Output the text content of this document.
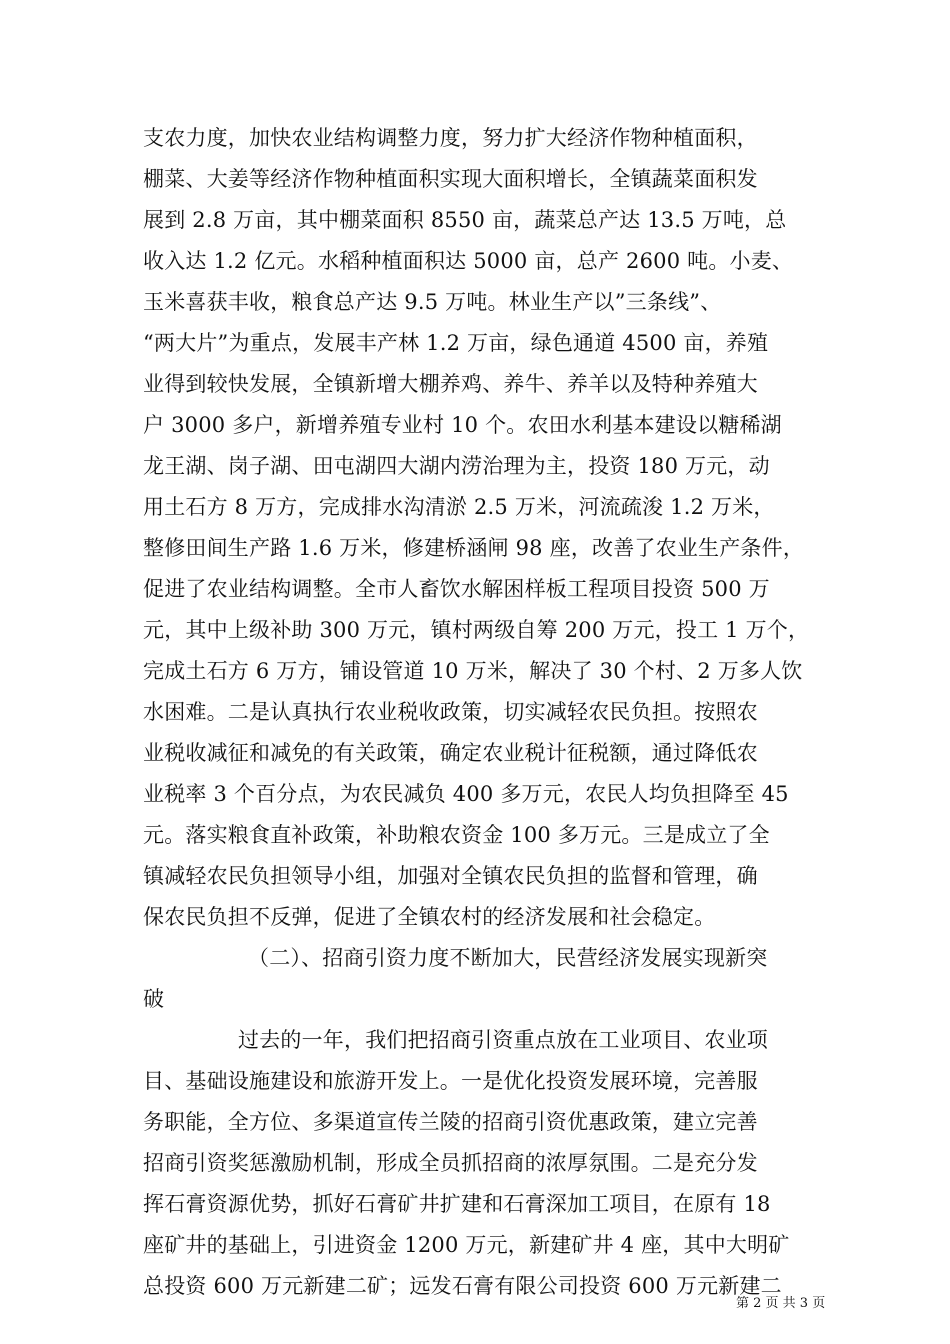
支农力度，加快农业结构调整力度，努力扩大经济作物种植面积，
棚菜、大姜等经济作物种植面积实现大面积增长，全镇蔬菜面积发
展到 2.8 万亩，其中棚菜面积 8550 亩，蔬菜总产达 13.5 万吨，总
收入达 1.2 亿元。水稻种植面积达 5000 亩，总产 2600 吨。小麦、
玉米喜获丰收，粮食总产达 9.5 万吨。林业生产以”三条线”、
“两大片”为重点，发展丰产林 1.2 万亩，绿色通道 4500 亩，养殖
业得到较快发展，全镇新增大棚养鸡、养牛、养羊以及特种养殖大
户 3000 多户，新增养殖专业村 10 个。农田水利基本建设以糖稀湖
龙王湖、岗子湖、田屯湖四大湖内涝治理为主，投资 180 万元，动
用土石方 8 万方，完成排水沟清淤 2.5 万米，河流疏浚 1.2 万米，
整修田间生产路 1.6 万米，修建桥涵闸 98 座，改善了农业生产条件，
促进了农业结构调整。全市人畜饮水解困样板工程项目投资 500 万
元，其中上级补助 300 万元，镇村两级自筹 200 万元，投工 1 万个，
完成土石方 6 万方，铺设管道 10 万米，解决了 30 个村、2 万多人饮
水困难。二是认真执行农业税收政策，切实减轻农民负担。按照农
业税收减征和减免的有关政策，确定农业税计征税额，通过降低农
业税率 3 个百分点，为农民减负 400 多万元，农民人均负担降至 45
元。落实粮食直补政策，补助粮农资金 100 多万元。三是成立了全
镇减轻农民负担领导小组，加强对全镇农民负担的监督和管理，确
保农民负担不反弹，促进了全镇农村的经济发展和社会稳定。
（二）、招商引资力度不断加大，民营经济发展实现新突
破
过去的一年，我们把招商引资重点放在工业项目、农业项
目、基础设施建设和旅游开发上。一是优化投资发展环境，完善服
务职能，全方位、多渠道宣传兰陵的招商引资优惠政策，建立完善
招商引资奖惩激励机制，形成全员抓招商的浓厚氛围。二是充分发
挥石膏资源优势，抓好石膏矿井扩建和石膏深加工项目，在原有 18
座矿井的基础上，引进资金 1200 万元，新建矿井 4 座，其中大明矿
总投资 600 万元新建二矿；远发石膏有限公司投资 600 万元新建二
第 2 页 共 3 页
